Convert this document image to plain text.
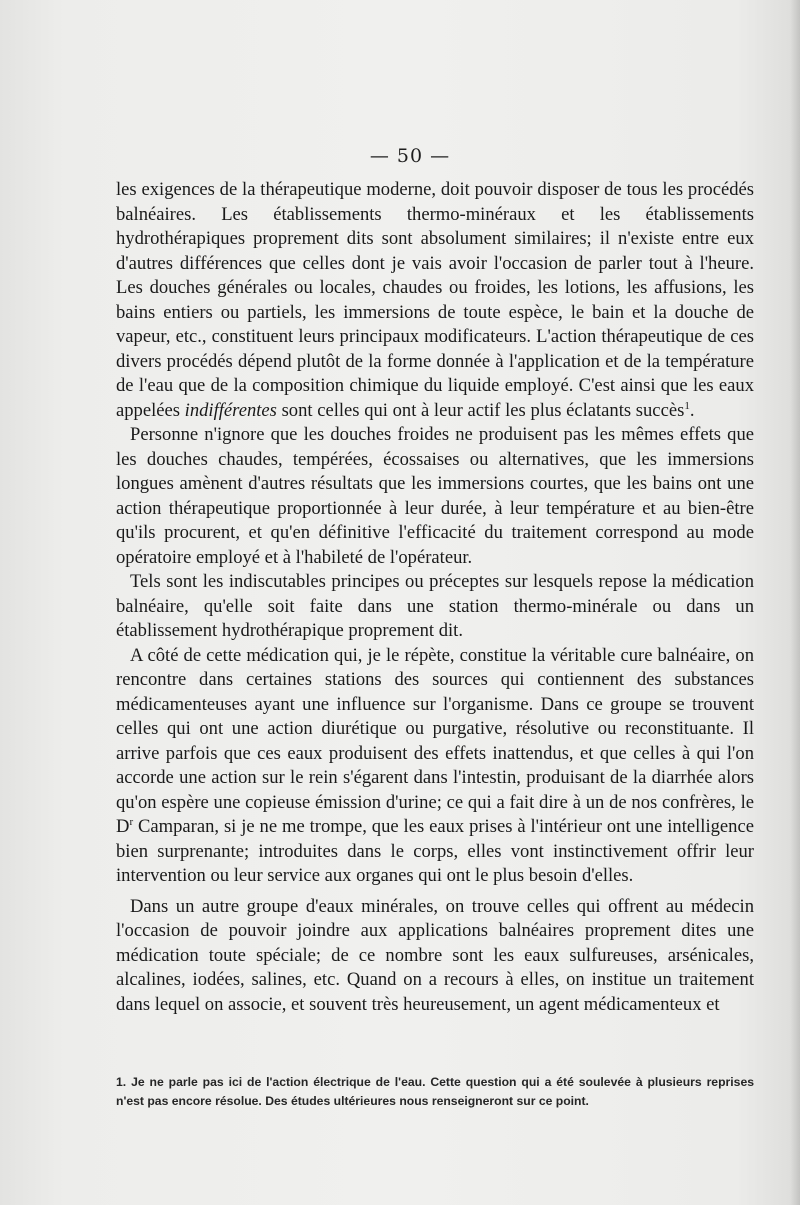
— 50 —

les exigences de la thérapeutique moderne, doit pouvoir disposer de tous les procédés balnéaires. Les établissements thermo-minéraux et les établissements hydrothérapiques proprement dits sont absolument similaires; il n'existe entre eux d'autres différences que celles dont je vais avoir l'occasion de parler tout à l'heure. Les douches générales ou locales, chaudes ou froides, les lotions, les affusions, les bains entiers ou partiels, les immersions de toute espèce, le bain et la douche de vapeur, etc., constituent leurs principaux modificateurs. L'action thérapeutique de ces divers procédés dépend plutôt de la forme donnée à l'application et de la température de l'eau que de la composition chimique du liquide employé. C'est ainsi que les eaux appelées indifférentes sont celles qui ont à leur actif les plus éclatants succès$^1$.

Personne n'ignore que les douches froides ne produisent pas les mêmes effets que les douches chaudes, tempérées, écossaises ou alternatives, que les immersions longues amènent d'autres résultats que les immersions courtes, que les bains ont une action thérapeutique proportionnée à leur durée, à leur température et au bien-être qu'ils procurent, et qu'en définitive l'efficacité du traitement correspond au mode opératoire employé et à l'habileté de l'opérateur.

Tels sont les indiscutables principes ou préceptes sur lesquels repose la médication balnéaire, qu'elle soit faite dans une station thermo-minérale ou dans un établissement hydrothérapique proprement dit.

A côté de cette médication qui, je le répète, constitue la véritable cure balnéaire, on rencontre dans certaines stations des sources qui contiennent des substances médicamenteuses ayant une influence sur l'organisme. Dans ce groupe se trouvent celles qui ont une action diurétique ou purgative, résolutive ou reconstituante. Il arrive parfois que ces eaux produisent des effets inattendus, et que celles à qui l'on accorde une action sur le rein s'égarent dans l'intestin, produisant de la diarrhée alors qu'on espère une copieuse émission d'urine; ce qui a fait dire à un de nos confrères, le $D^r$ Camparan, si je ne me trompe, que les eaux prises à l'intérieur ont une intelligence bien surprenante; introduites dans le corps, elles vont instinctivement offrir leur intervention ou leur service aux organes qui ont le plus besoin d'elles.

Dans un autre groupe d'eaux minérales, on trouve celles qui offrent au médecin l'occasion de pouvoir joindre aux applications balnéaires proprement dites une médication toute spéciale; de ce nombre sont les eaux sulfureuses, arsénicales, alcalines, iodées, salines, etc. Quand on a recours à elles, on institue un traitement dans lequel on associe, et souvent très heureusement, un agent médicamenteux et

1. Je ne parle pas ici de l'action électrique de l'eau. Cette question qui a été soulevée à plusieurs reprises n'est pas encore résolue. Des études ultérieures nous renseigneront sur ce point.
